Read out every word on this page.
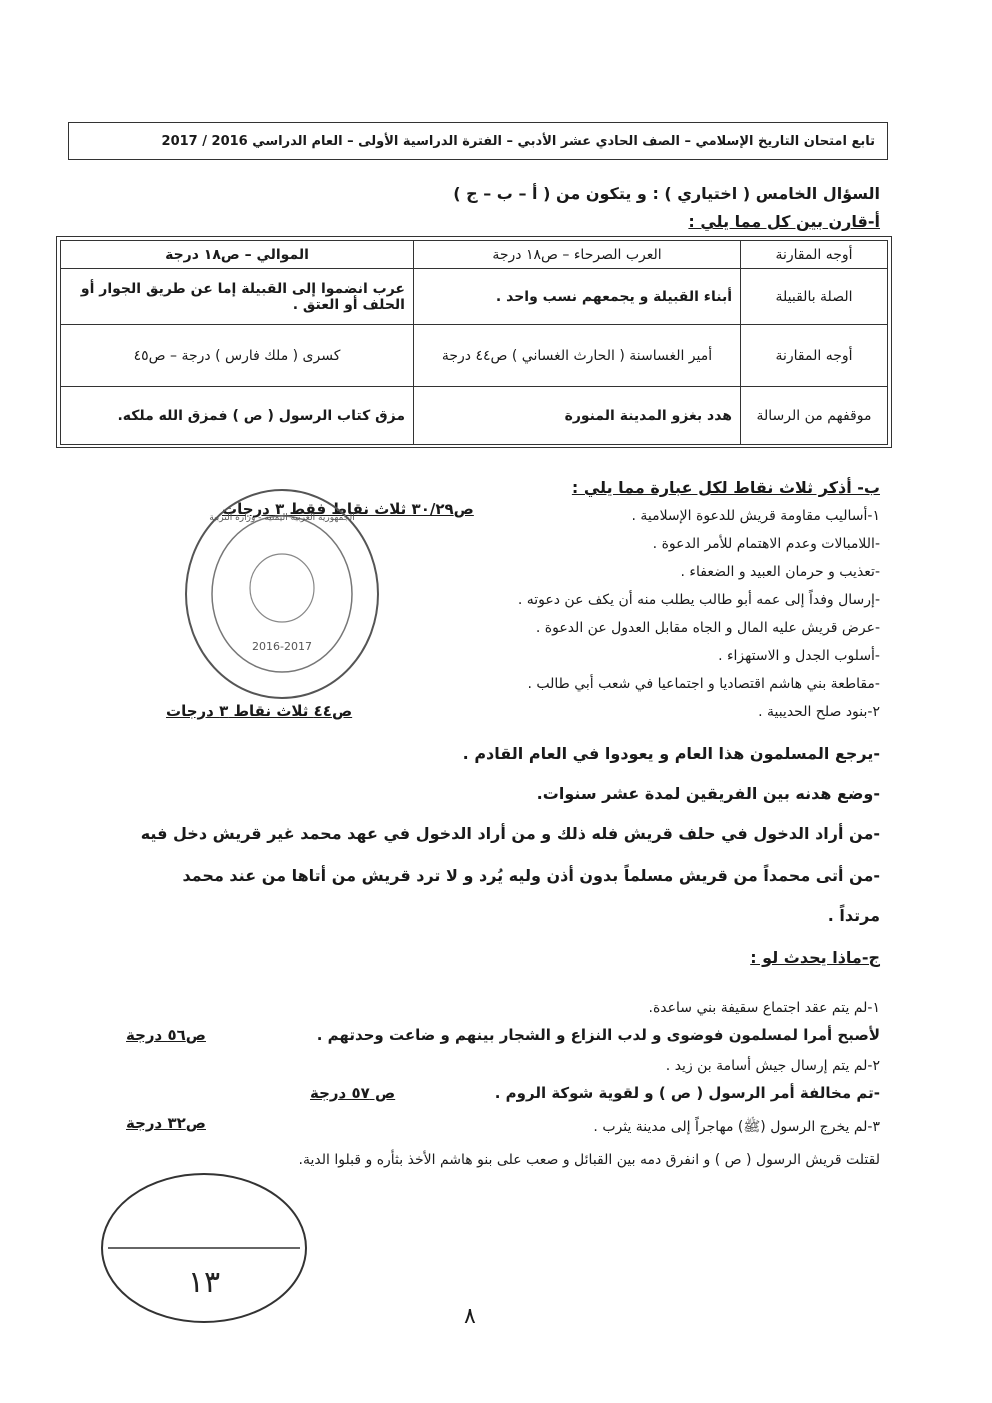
تابع امتحان التاريخ الإسلامي – الصف الحادي عشر الأدبي – الفترة الدراسية الأولى – العام الدراسي 2016 / 2017
السؤال الخامس ( اختياري ) : و يتكون من ( أ – ب – ج )
أ-قارن بين كل مما يلي :
أوجه المقارنة	العرب الصرحاء – ص١٨ درجة	الموالي – ص١٨ درجة
الصلة بالقبيلة	أبناء القبيلة و يجمعهم نسب واحد .	عرب انضموا إلى القبيلة إما عن طريق الجوار أو الحلف أو العتق .
أوجه المقارنة	أمير الغساسنة ( الحارث الغساني ) ص٤٤ درجة	كسرى ( ملك فارس ) درجة – ص٤٥
موقفهم من الرسالة	هدد بغزو المدينة المنورة	مزق كتاب الرسول ( ص ) فمزق الله ملكه.
ب- أذكر ثلاث نقاط لكل عبارة مما يلي :
ص٣٠/٢٩ ثلاث نقاط فقط ٣ درجات	١-أساليب مقاومة قريش للدعوة الإسلامية .
-اللامبالات وعدم الاهتمام للأمر الدعوة .
-تعذيب و حرمان العبيد و الضعفاء .
-إرسال وفداً إلى عمه أبو طالب يطلب منه أن يكف عن دعوته .
-عرض قريش عليه المال و الجاه مقابل العدول عن الدعوة .
-أسلوب الجدل و الاستهزاء .
-مقاطعة بني هاشم اقتصاديا و اجتماعيا في شعب أبي طالب .
ص٤٤ ثلاث نقاط ٣ درجات	٢-بنود صلح الحديبية .
-يرجع المسلمون هذا العام و يعودوا في العام القادم .
-وضع هدنه بين الفريقين لمدة عشر سنوات.
-من أراد الدخول في حلف قريش فله ذلك و من أراد الدخول في عهد محمد غير قريش دخل فيه
-من أتى محمداً من قريش مسلماً بدون أذن وليه يُرد و لا ترد قريش من أتاها من عند محمد
مرتداً .
الجمهورية العربية اليمنية - وزارة التربية
2016-2017
ج-ماذا يحدث لو :
١-لم يتم عقد اجتماع سقيفة بني ساعدة.
لأصبح أمرا لمسلمون فوضوى و لدب النزاع و الشجار بينهم و ضاعت وحدتهم .
ص٥٦ درجة
٢-لم يتم إرسال جيش أسامة بن زيد .
-تم مخالفة أمر الرسول ( ص ) و لقوية شوكة الروم .
ص ٥٧ درجة
٣-لم يخرج الرسول (ﷺ) مهاجراً إلى مدينة يثرب .
ص٣٢ درجة
لقتلت قريش الرسول ( ص ) و انفرق دمه بين القبائل و صعب على بنو هاشم الأخذ بثأره و قبلوا الدية.
١٣
٨
